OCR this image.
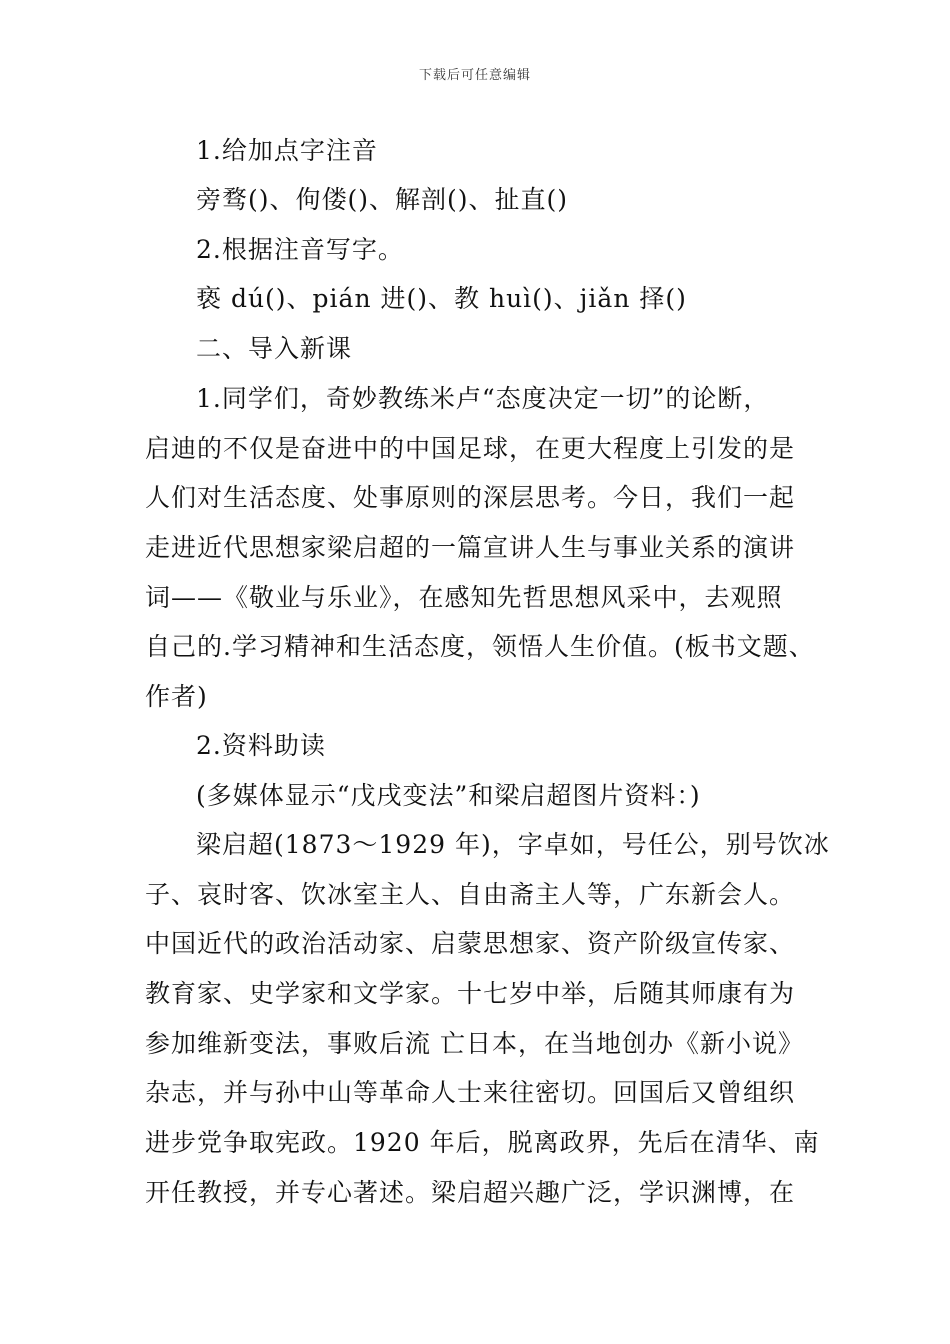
下载后可任意编辑
1.给加点字注音
旁骛()、佝偻()、解剖()、扯直()
2.根据注音写字。
亵 dú()、pián 进()、教 huì()、jiǎn 择()
二、导入新课
1.同学们，奇妙教练米卢“态度决定一切”的论断，
启迪的不仅是奋进中的中国足球，在更大程度上引发的是
人们对生活态度、处事原则的深层思考。今日，我们一起
走进近代思想家梁启超的一篇宣讲人生与事业关系的演讲
词——《敬业与乐业》，在感知先哲思想风采中，去观照
自己的.学习精神和生活态度，领悟人生价值。(板书文题、
作者)
2.资料助读
(多媒体显示“戊戌变法”和梁启超图片资料：)
梁启超(1873～1929 年)，字卓如，号任公，别号饮冰
子、哀时客、饮冰室主人、自由斋主人等，广东新会人。
中国近代的政治活动家、启蒙思想家、资产阶级宣传家、
教育家、史学家和文学家。十七岁中举，后随其师康有为
参加维新变法，事败后流 亡日本，在当地创办《新小说》
杂志，并与孙中山等革命人士来往密切。回国后又曾组织
进步党争取宪政。1920 年后，脱离政界，先后在清华、南
开任教授，并专心著述。梁启超兴趣广泛，学识渊博，在
